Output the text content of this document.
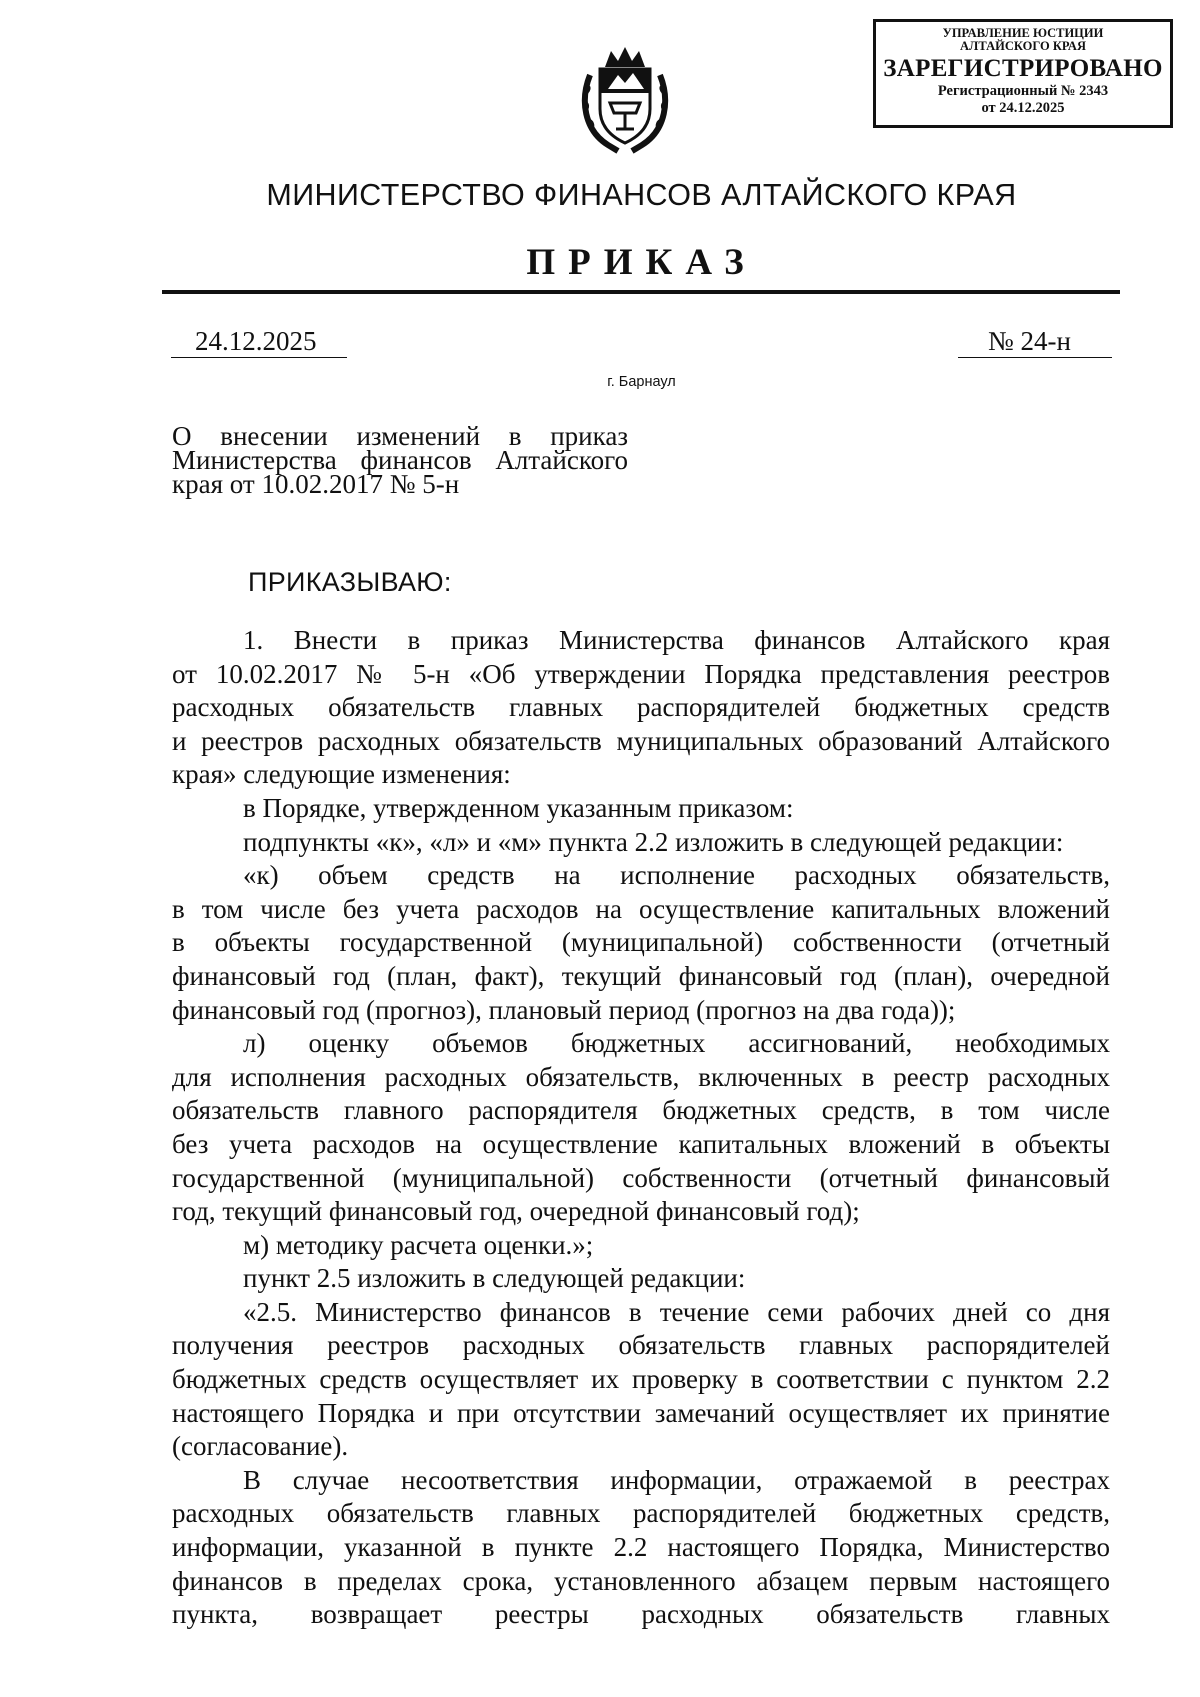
УПРАВЛЕНИЕ ЮСТИЦИИ
АЛТАЙСКОГО КРАЯ
ЗАРЕГИСТРИРОВАНО
Регистрационный № 2343
от 24.12.2025
МИНИСТЕРСТВО ФИНАНСОВ АЛТАЙСКОГО КРАЯ
ПРИКАЗ
24.12.2025	№ 24-н
г. Барнаул
О внесении изменений в приказ
Министерства финансов Алтайского
края от 10.02.2017 № 5-н
ПРИКАЗЫВАЮ:
1. Внести в приказ Министерства финансов Алтайского края
от 10.02.2017 № 5-н «Об утверждении Порядка представления реестров
расходных обязательств главных распорядителей бюджетных средств
и реестров расходных обязательств муниципальных образований Алтайского
края» следующие изменения:
в Порядке, утвержденном указанным приказом:
подпункты «к», «л» и «м» пункта 2.2 изложить в следующей редакции:
«к) объем средств на исполнение расходных обязательств,
в том числе без учета расходов на осуществление капитальных вложений
в объекты государственной (муниципальной) собственности (отчетный
финансовый год (план, факт), текущий финансовый год (план), очередной
финансовый год (прогноз), плановый период (прогноз на два года));
л) оценку объемов бюджетных ассигнований, необходимых
для исполнения расходных обязательств, включенных в реестр расходных
обязательств главного распорядителя бюджетных средств, в том числе
без учета расходов на осуществление капитальных вложений в объекты
государственной (муниципальной) собственности (отчетный финансовый
год, текущий финансовый год, очередной финансовый год);
м) методику расчета оценки.»;
пункт 2.5 изложить в следующей редакции:
«2.5. Министерство финансов в течение семи рабочих дней со дня
получения реестров расходных обязательств главных распорядителей
бюджетных средств осуществляет их проверку в соответствии с пунктом 2.2
настоящего Порядка и при отсутствии замечаний осуществляет их принятие
(согласование).
В случае несоответствия информации, отражаемой в реестрах
расходных обязательств главных распорядителей бюджетных средств,
информации, указанной в пункте 2.2 настоящего Порядка, Министерство
финансов в пределах срока, установленного абзацем первым настоящего
пункта, возвращает реестры расходных обязательств главных
